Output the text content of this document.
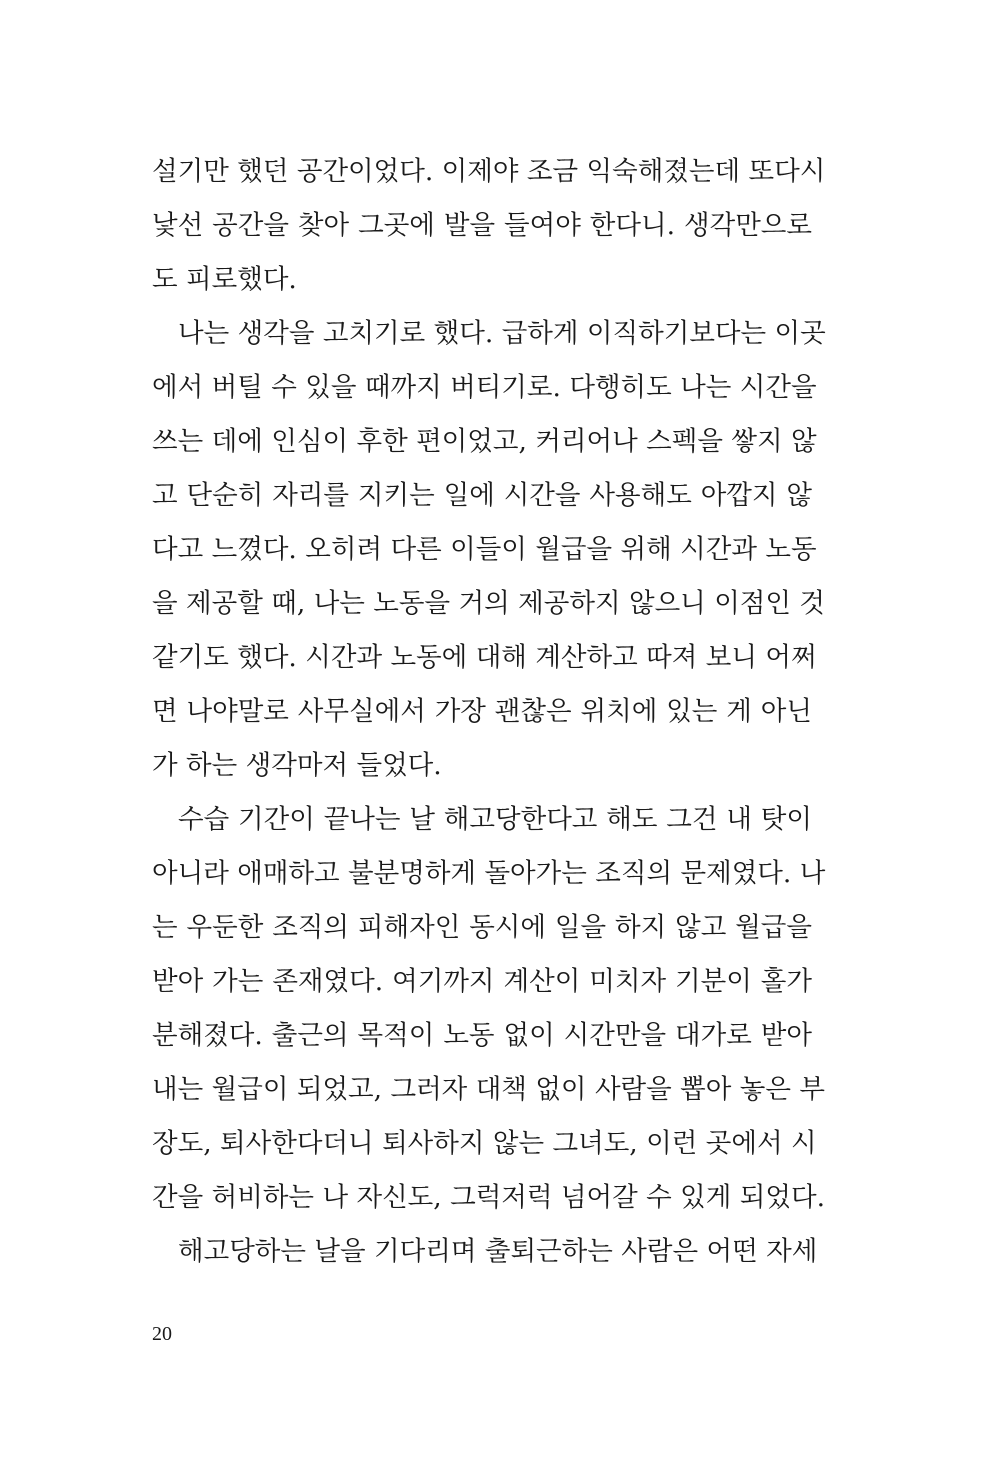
설기만 했던 공간이었다. 이제야 조금 익숙해졌는데 또다시
낯선 공간을 찾아 그곳에 발을 들여야 한다니. 생각만으로
도 피로했다.
나는 생각을 고치기로 했다. 급하게 이직하기보다는 이곳
에서 버틸 수 있을 때까지 버티기로. 다행히도 나는 시간을
쓰는 데에 인심이 후한 편이었고, 커리어나 스펙을 쌓지 않
고 단순히 자리를 지키는 일에 시간을 사용해도 아깝지 않
다고 느꼈다. 오히려 다른 이들이 월급을 위해 시간과 노동
을 제공할 때, 나는 노동을 거의 제공하지 않으니 이점인 것
같기도 했다. 시간과 노동에 대해 계산하고 따져 보니 어쩌
면 나야말로 사무실에서 가장 괜찮은 위치에 있는 게 아닌
가 하는 생각마저 들었다.
수습 기간이 끝나는 날 해고당한다고 해도 그건 내 탓이
아니라 애매하고 불분명하게 돌아가는 조직의 문제였다. 나
는 우둔한 조직의 피해자인 동시에 일을 하지 않고 월급을
받아 가는 존재였다. 여기까지 계산이 미치자 기분이 홀가
분해졌다. 출근의 목적이 노동 없이 시간만을 대가로 받아
내는 월급이 되었고, 그러자 대책 없이 사람을 뽑아 놓은 부
장도, 퇴사한다더니 퇴사하지 않는 그녀도, 이런 곳에서 시
간을 허비하는 나 자신도, 그럭저럭 넘어갈 수 있게 되었다.
해고당하는 날을 기다리며 출퇴근하는 사람은 어떤 자세
20
